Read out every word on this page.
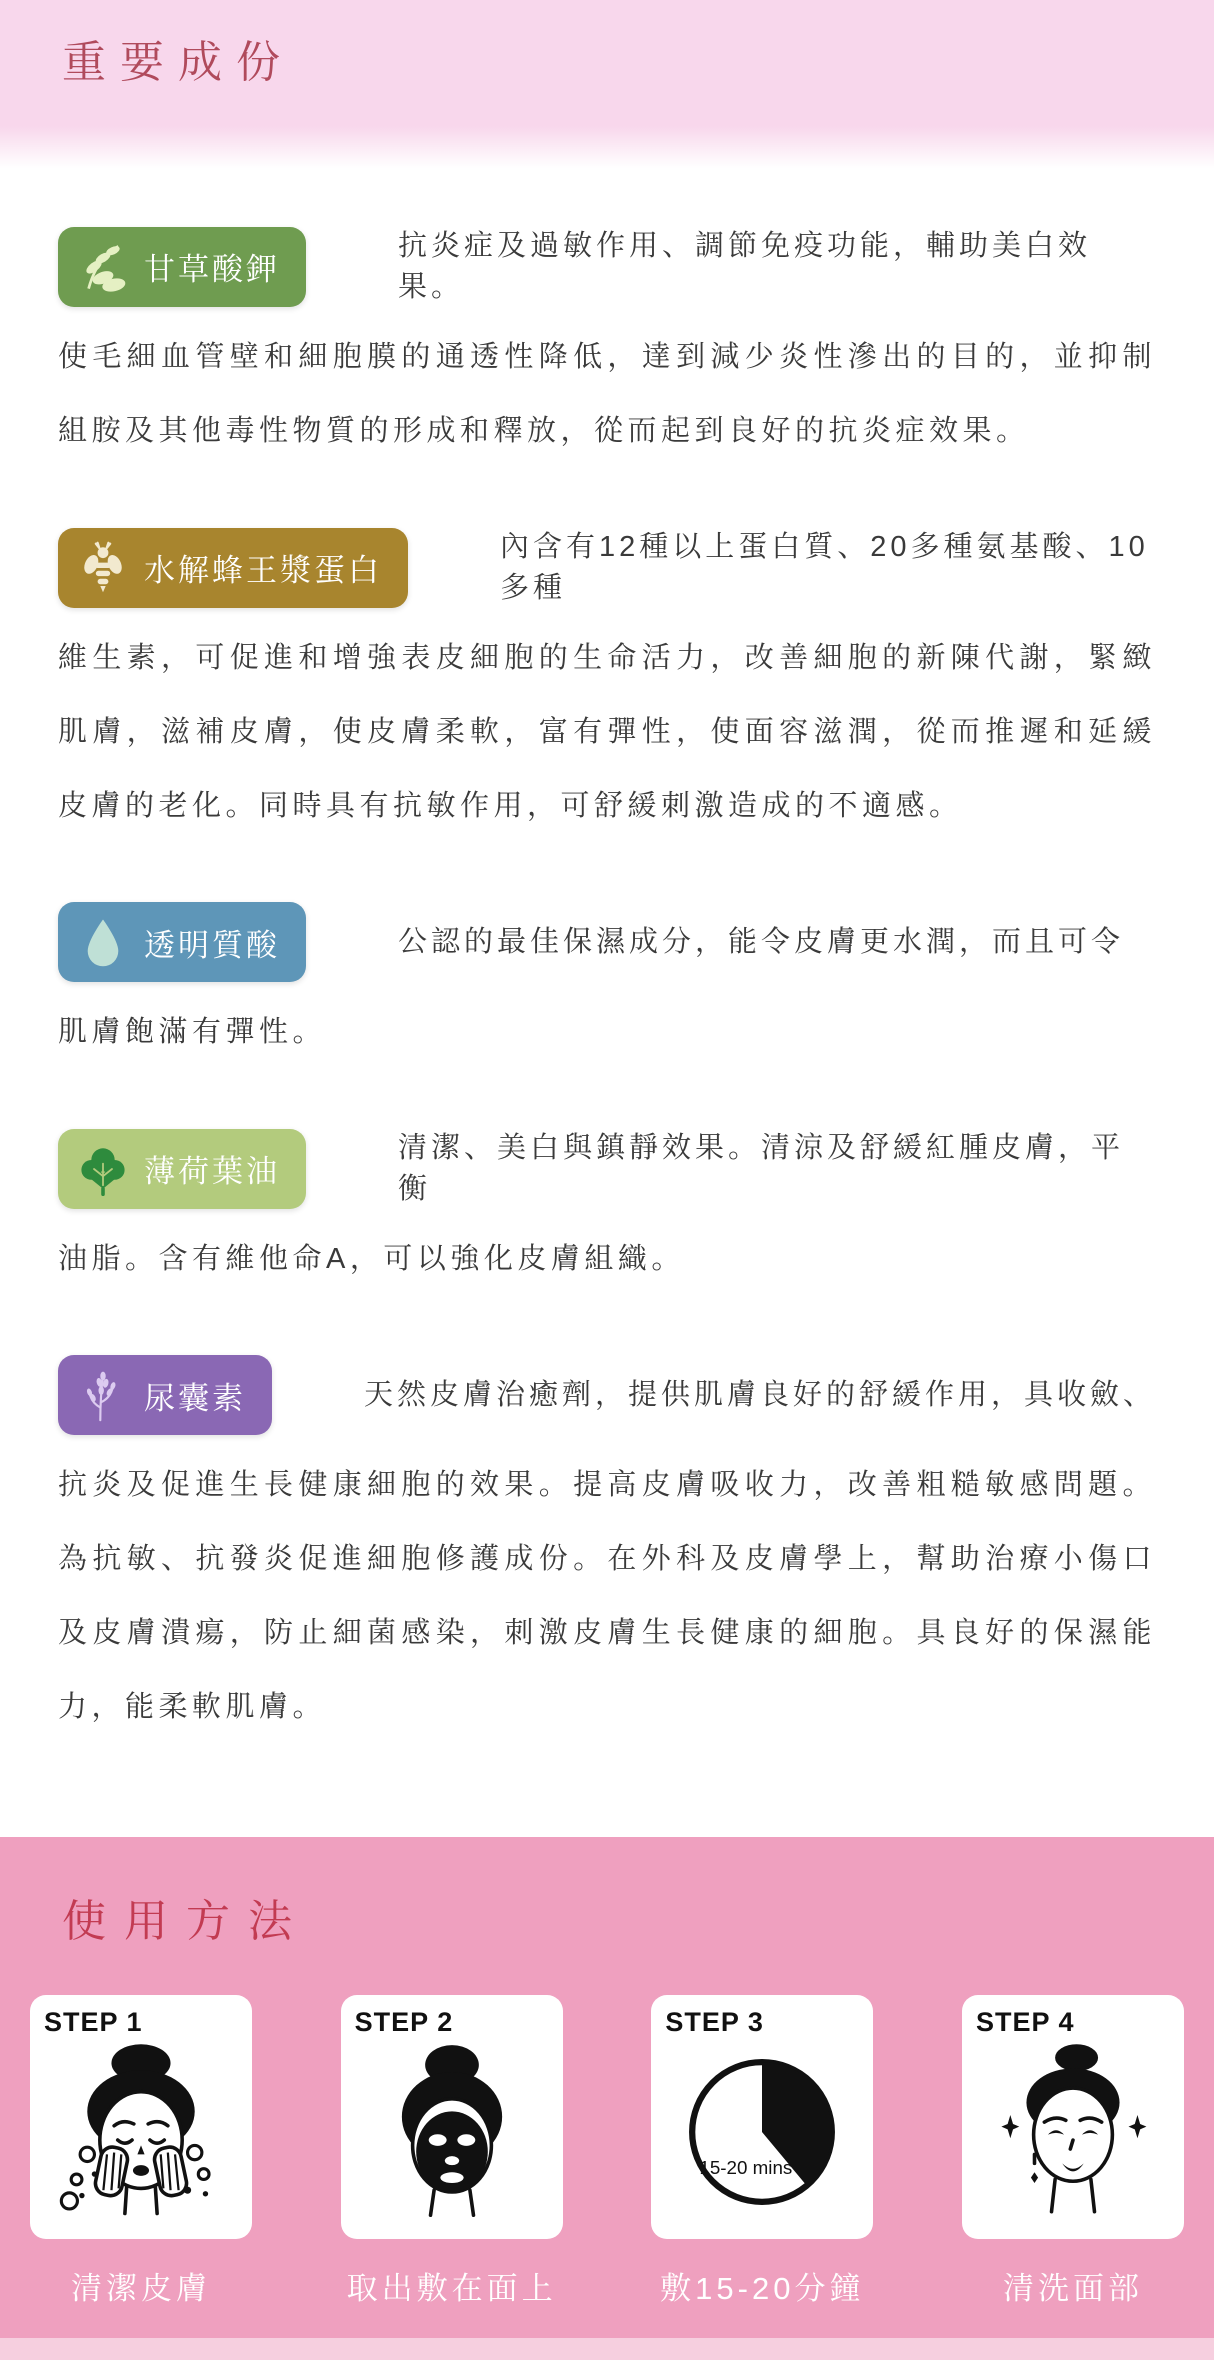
重要成份
甘草酸鉀
抗炎症及過敏作用、調節免疫功能，輔助美白效果。

使毛細血管壁和細胞膜的通透性降低，達到減少炎性滲出的目的，並抑制組胺及其他毒性物質的形成和釋放，從而起到良好的抗炎症效果。

水解蜂王漿蛋白
內含有12種以上蛋白質、20多種氨基酸、10多種

維生素，可促進和增強表皮細胞的生命活力，改善細胞的新陳代謝，緊緻肌膚，滋補皮膚，使皮膚柔軟，富有彈性，使面容滋潤，從而推遲和延緩皮膚的老化。同時具有抗敏作用，可舒緩刺激造成的不適感。

透明質酸	公認的最佳保濕成分，能令皮膚更水潤，而且可令

肌膚飽滿有彈性。

薄荷葉油
清潔、美白與鎮靜效果。清涼及舒緩紅腫皮膚，平衡

油脂。含有維他命A，可以強化皮膚組織。

尿囊素	天然皮膚治癒劑，提供肌膚良好的舒緩作用，具收斂、

抗炎及促進生長健康細胞的效果。提高皮膚吸收力，改善粗糙敏感問題。為抗敏、抗發炎促進細胞修護成份。在外科及皮膚學上，幫助治療小傷口及皮膚潰瘍，防止細菌感染，刺激皮膚生長健康的細胞。具良好的保濕能力，能柔軟肌膚。

使用方法
STEP 1
清潔皮膚
STEP 2
取出敷在面上
STEP 3
15-20 mins
敷15-20分鐘
STEP 4
清洗面部
